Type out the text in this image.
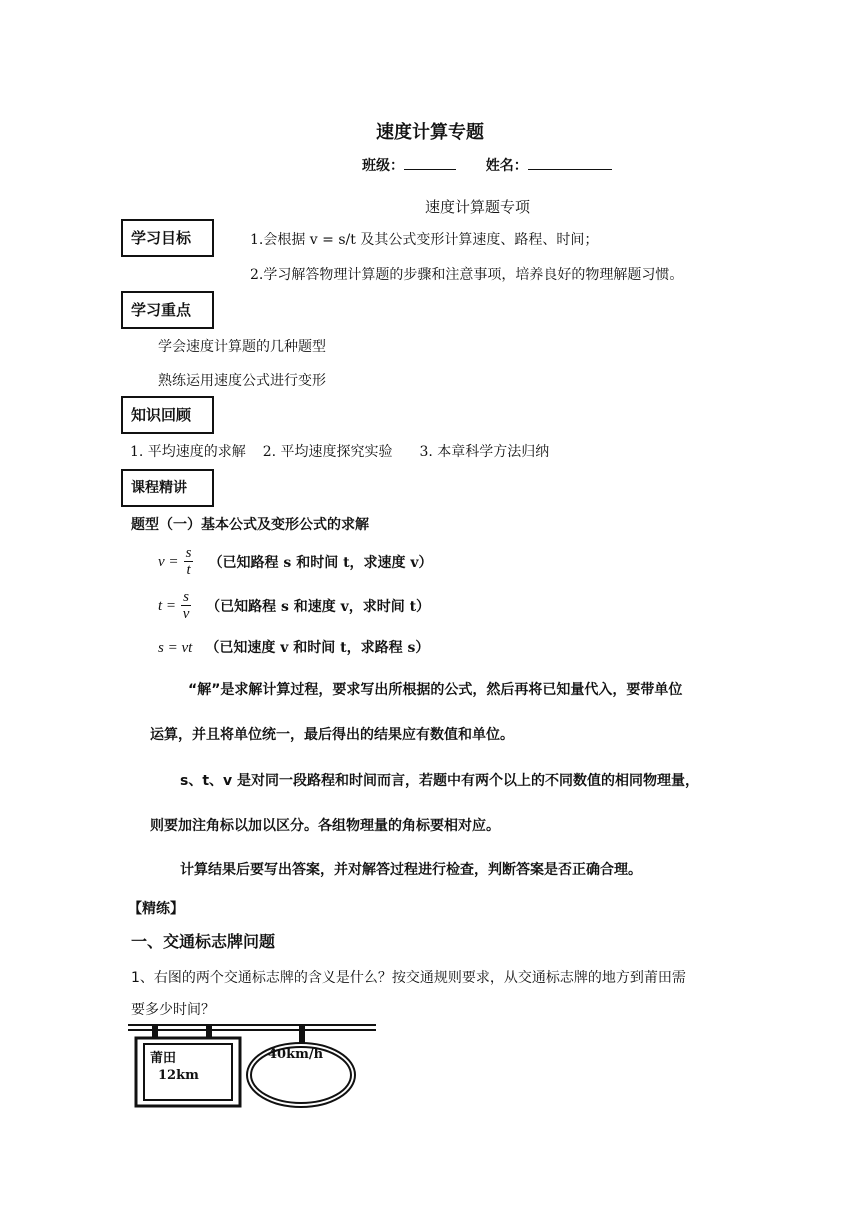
速度计算专题
班级：	姓名：
速度计算题专项
学习目标	1.会根据 v = s/t 及其公式变形计算速度、路程、时间；
2.学习解答物理计算题的步骤和注意事项，培养良好的物理解题习惯。
学习重点
学会速度计算题的几种题型
熟练运用速度公式进行变形
知识回顾
1. 平均速度的求解 2. 平均速度探究实验 3. 本章科学方法归纳
课程精讲
题型（一）基本公式及变形公式的求解
$v = \frac{s}{t}$ （已知路程 s 和时间 t，求速度 v）
$t = \frac{s}{v}$ （已知路程 s 和速度 v，求时间 t）
s = vt （已知速度 v 和时间 t，求路程 s）
“解”是求解计算过程，要求写出所根据的公式，然后再将已知量代入，要带单位
运算，并且将单位统一，最后得出的结果应有数值和单位。
s、t、v 是对同一段路程和时间而言，若题中有两个以上的不同数值的相同物理量，
则要加注角标以加以区分。各组物理量的角标要相对应。
计算结果后要写出答案，并对解答过程进行检查，判断答案是否正确合理。
【精练】
一、交通标志牌问题
1、右图的两个交通标志牌的含义是什么？按交通规则要求，从交通标志牌的地方到莆田需
要多少时间？
莆田
12km
40km/h
